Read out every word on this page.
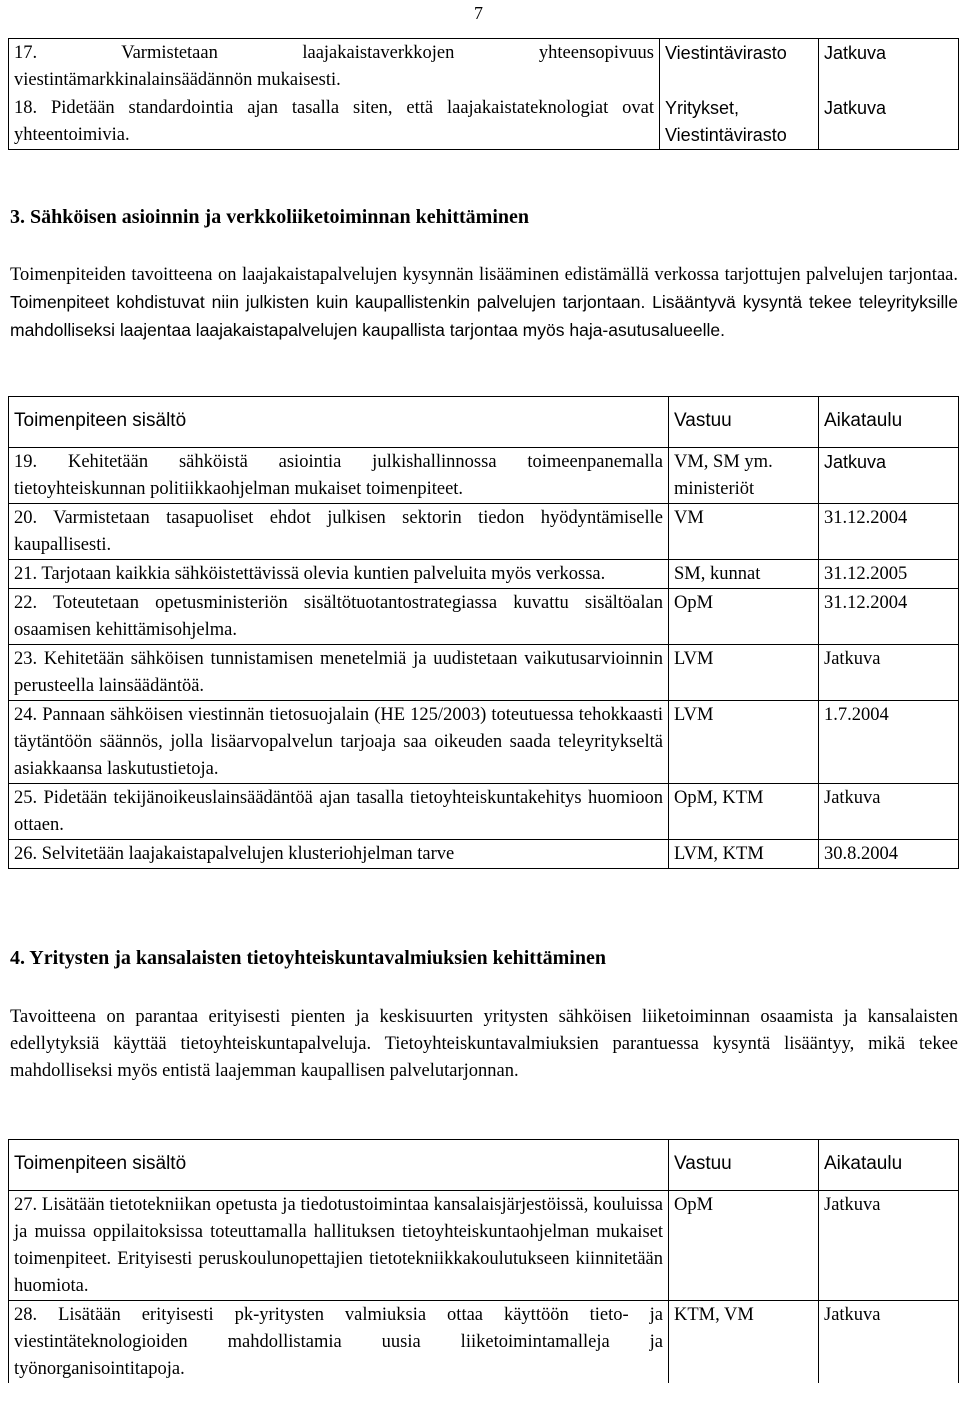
7
17. Varmistetaan laajakaistaverkkojen yhteensopivuus viestintämarkkinalainsäädännön mukaisesti.	Viestintävirasto	Jatkuva
18. Pidetään standardointia ajan tasalla siten, että laajakaistateknologiat ovat yhteentoimivia.	Yritykset, Viestintävirasto	Jatkuva
3. Sähköisen asioinnin ja verkkoliiketoiminnan kehittäminen

Toimenpiteiden tavoitteena on laajakaistapalvelujen kysynnän lisääminen edistämällä verkossa tarjottujen palvelujen tarjontaa. Toimenpiteet kohdistuvat niin julkisten kuin kaupallistenkin palvelujen tarjontaan. Lisääntyvä kysyntä tekee teleyrityksille mahdolliseksi laajentaa laajakaistapalvelujen kaupallista tarjontaa myös haja-asutusalueelle.

Toimenpiteen sisältö	Vastuu	Aikataulu
19. Kehitetään sähköistä asiointia julkishallinnossa toimeenpanemalla tietoyhteiskunnan politiikkaohjelman mukaiset toimenpiteet.	VM, SM ym. ministeriöt	Jatkuva
20. Varmistetaan tasapuoliset ehdot julkisen sektorin tiedon hyödyntämiselle kaupallisesti.	VM	31.12.2004
21. Tarjotaan kaikkia sähköistettävissä olevia kuntien palveluita myös verkossa.	SM, kunnat	31.12.2005
22. Toteutetaan opetusministeriön sisältötuotantostrategiassa kuvattu sisältöalan osaamisen kehittämisohjelma.	OpM	31.12.2004
23. Kehitetään sähköisen tunnistamisen menetelmiä ja uudistetaan vaikutusarvioinnin perusteella lainsäädäntöä.	LVM	Jatkuva
24. Pannaan sähköisen viestinnän tietosuojalain (HE 125/2003) toteutuessa tehokkaasti täytäntöön säännös, jolla lisäarvopalvelun tarjoaja saa oikeuden saada teleyritykseltä asiakkaansa laskutustietoja.	LVM	1.7.2004
25. Pidetään tekijänoikeuslainsäädäntöä ajan tasalla tietoyhteiskuntakehitys huomioon ottaen.	OpM, KTM	Jatkuva
26. Selvitetään laajakaistapalvelujen klusteriohjelman tarve	LVM, KTM	30.8.2004
4. Yritysten ja kansalaisten tietoyhteiskuntavalmiuksien kehittäminen

Tavoitteena on parantaa erityisesti pienten ja keskisuurten yritysten sähköisen liiketoiminnan osaamista ja kansalaisten edellytyksiä käyttää tietoyhteiskuntapalveluja. Tietoyhteiskuntavalmiuksien parantuessa kysyntä lisääntyy, mikä tekee mahdolliseksi myös entistä laajemman kaupallisen palvelutarjonnan.

Toimenpiteen sisältö	Vastuu	Aikataulu
27. Lisätään tietotekniikan opetusta ja tiedotustoimintaa kansalaisjärjestöissä, kouluissa ja muissa oppilaitoksissa toteuttamalla hallituksen tietoyhteiskuntaohjelman mukaiset toimenpiteet. Erityisesti peruskoulunopettajien tietotekniikkakoulutukseen kiinnitetään huomiota.	OpM	Jatkuva
28. Lisätään erityisesti pk-yritysten valmiuksia ottaa käyttöön tieto- ja viestintäteknologioiden mahdollistamia uusia liiketoimintamalleja ja työnorganisointitapoja.	KTM, VM	Jatkuva
